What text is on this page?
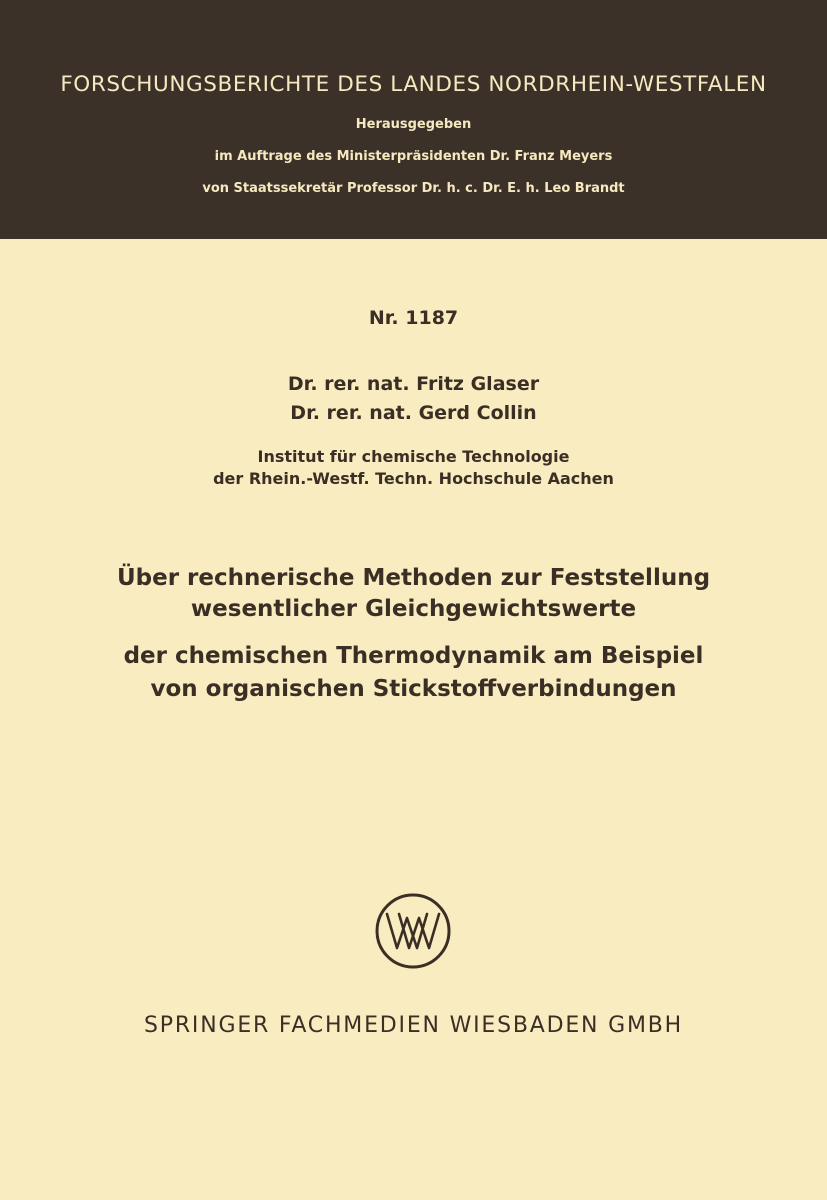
FORSCHUNGSBERICHTE DES LANDES NORDRHEIN-WESTFALEN
Herausgegeben
im Auftrage des Ministerpräsidenten Dr. Franz Meyers
von Staatssekretär Professor Dr. h. c. Dr. E. h. Leo Brandt
Nr. 1187
Dr. rer. nat. Fritz Glaser
Dr. rer. nat. Gerd Collin
Institut für chemische Technologie
der Rhein.-Westf. Techn. Hochschule Aachen
Über rechnerische Methoden zur Feststellung
wesentlicher Gleichgewichtswerte
der chemischen Thermodynamik am Beispiel
von organischen Stickstoffverbindungen
SPRINGER FACHMEDIEN WIESBADEN GMBH
